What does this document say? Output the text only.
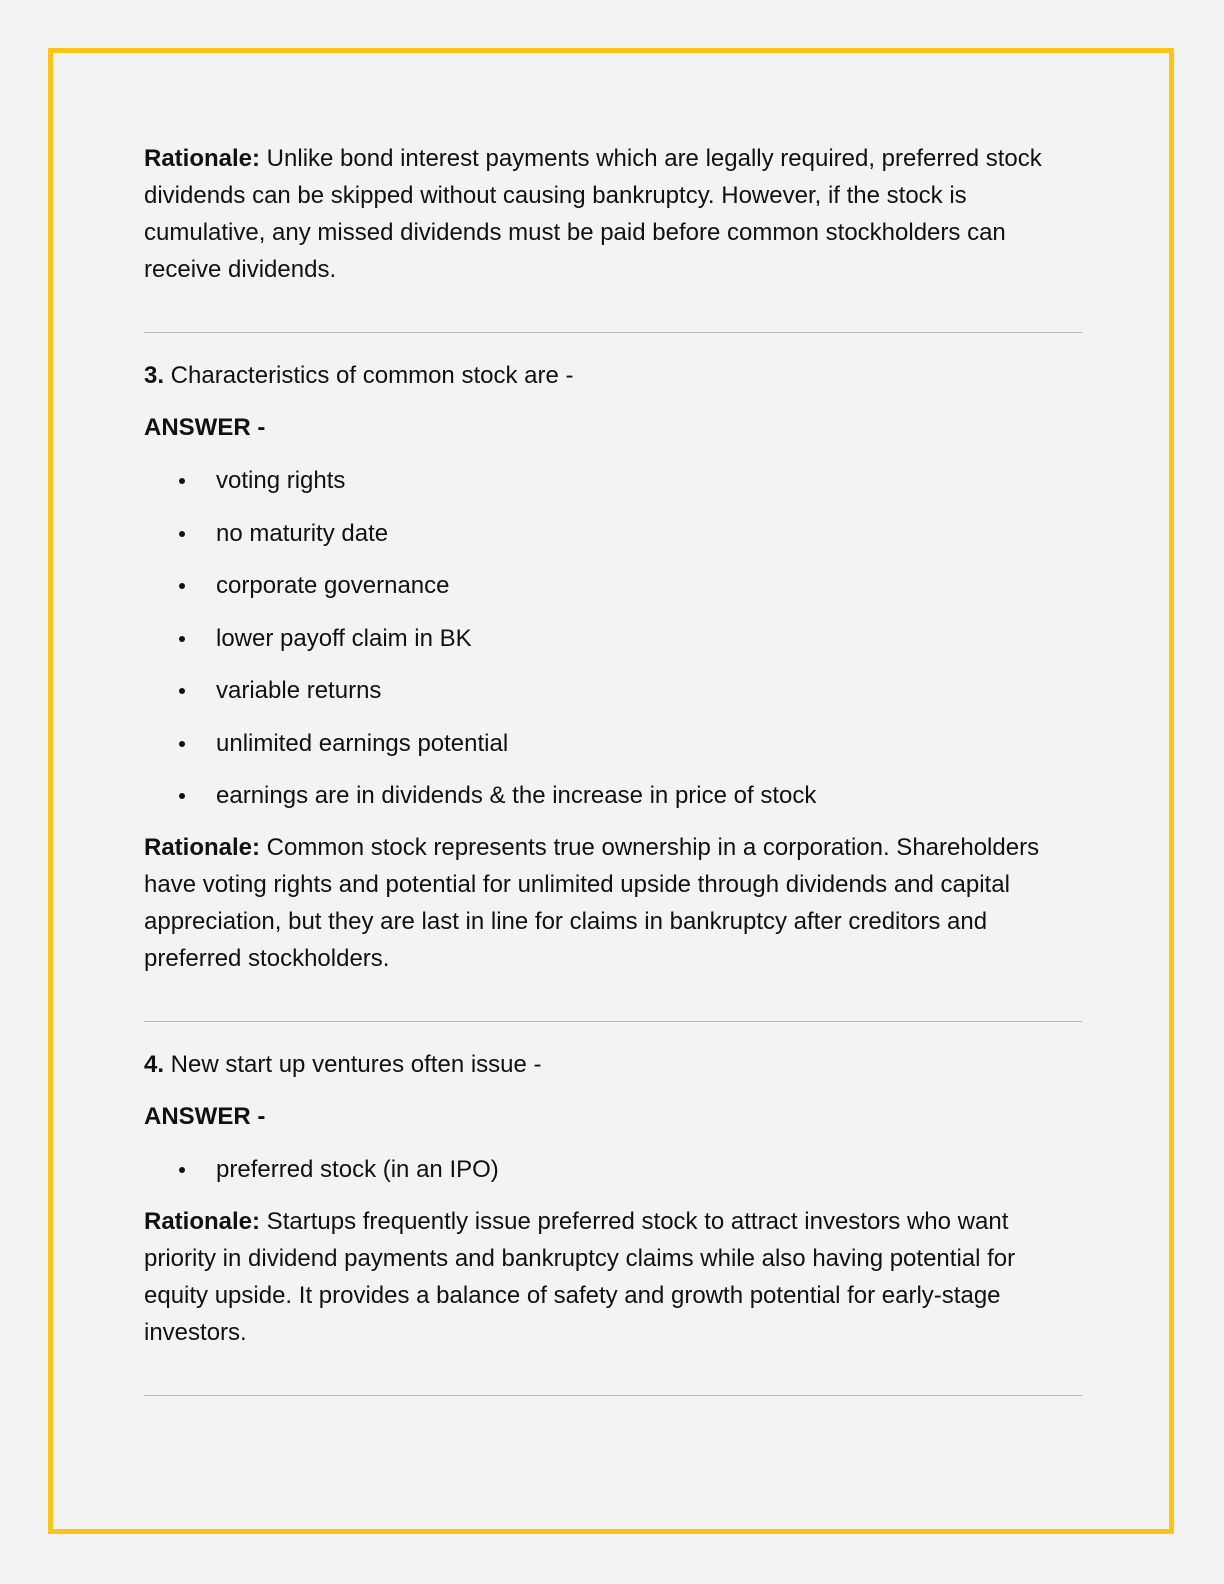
Rationale: Unlike bond interest payments which are legally required, preferred stock dividends can be skipped without causing bankruptcy. However, if the stock is cumulative, any missed dividends must be paid before common stockholders can receive dividends.

3. Characteristics of common stock are -

ANSWER -

voting rights
no maturity date
corporate governance
lower payoff claim in BK
variable returns
unlimited earnings potential
earnings are in dividends & the increase in price of stock

Rationale: Common stock represents true ownership in a corporation. Shareholders have voting rights and potential for unlimited upside through dividends and capital appreciation, but they are last in line for claims in bankruptcy after creditors and preferred stockholders.

4. New start up ventures often issue -

ANSWER -

preferred stock (in an IPO)

Rationale: Startups frequently issue preferred stock to attract investors who want priority in dividend payments and bankruptcy claims while also having potential for equity upside. It provides a balance of safety and growth potential for early-stage investors.
